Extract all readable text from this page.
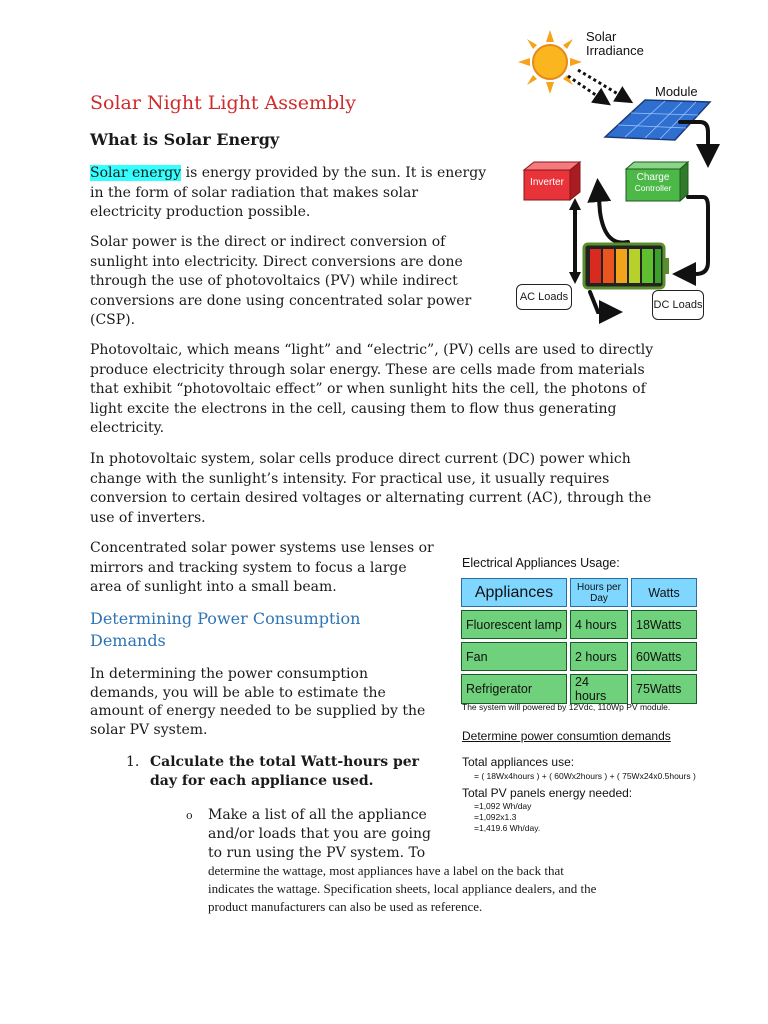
Solar Night Light Assembly
What is Solar Energy
Solar energy is energy provided by the sun. It is energy
in the form of solar radiation that makes solar
electricity production possible.
Solar power is the direct or indirect conversion of
sunlight into electricity. Direct conversions are done
through the use of photovoltaics (PV) while indirect
conversions are done using concentrated solar power
(CSP).
Photovoltaic, which means “light” and “electric”, (PV) cells are used to directly
produce electricity through solar energy. These are cells made from materials
that exhibit “photovoltaic effect” or when sunlight hits the cell, the photons of
light excite the electrons in the cell, causing them to flow thus generating
electricity.
In photovoltaic system, solar cells produce direct current (DC) power which
change with the sunlight’s intensity. For practical use, it usually requires
conversion to certain desired voltages or alternating current (AC), through the
use of inverters.
Concentrated solar power systems use lenses or
mirrors and tracking system to focus a large
area of sunlight into a small beam.
Determining Power Consumption
Demands
In determining the power consumption
demands, you will be able to estimate the
amount of energy needed to be supplied by the
solar PV system.
1. Calculate the total Watt-hours per
day for each appliance used.
o Make a list of all the appliance
and/or loads that you are going
to run using the PV system. To
determine the wattage, most appliances have a label on the back that
indicates the wattage. Specification sheets, local appliance dealers, and the
product manufacturers can also be used as reference.
Solar
Irradiance
Module
Inverter	Charge
Controller
AC Loads
DC Loads
Electrical Appliances Usage:
Appliances	Hours per Day	Watts
Fluorescent lamp	4 hours	18Watts
Fan	2 hours	60Watts
Refrigerator	24 hours	75Watts
The system will powered by 12Vdc, 110Wp PV module.
Determine power consumtion demands
Total appliances use:
= ( 18Wx4hours ) + ( 60Wx2hours ) + ( 75Wx24x0.5hours )
Total PV panels energy needed:
=1,092 Wh/day
=1,092x1.3
=1,419.6 Wh/day.
